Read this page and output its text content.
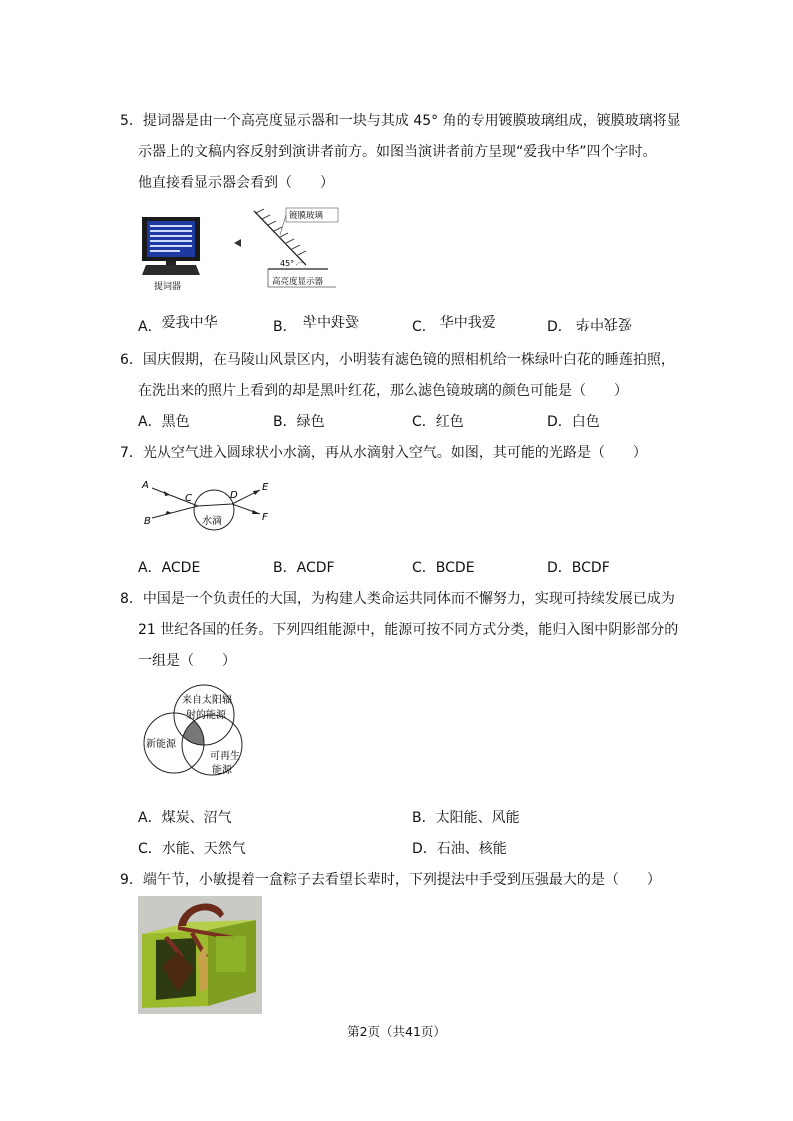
5．提词器是由一个高亮度显示器和一块与其成 45° 角的专用镀膜玻璃组成，镀膜玻璃将显
示器上的文稿内容反射到演讲者前方。如图当演讲者前方呈现“爱我中华”四个字时。
他直接看显示器会看到（　　）
提词器
镀膜玻璃
45°
高亮度显示器
A．爱我中华	B． 爱我中华	C． 华中我爱	D． 爱我中华
6．国庆假期，在马陵山风景区内，小明装有滤色镜的照相机给一株绿叶白花的睡莲拍照，
在洗出来的照片上看到的却是黑叶红花，那么滤色镜玻璃的颜色可能是（　　）
A．黑色	B．绿色	C．红色	D．白色
7．光从空气进入圆球状小水滴，再从水滴射入空气。如图，其可能的光路是（　　）
A
B
C	D
E
F
水滴
A．ACDE	B．ACDF	C．BCDE	D．BCDF
8．中国是一个负责任的大国，为构建人类命运共同体而不懈努力，实现可持续发展已成为
21 世纪各国的任务。下列四组能源中，能源可按不同方式分类，能归入图中阴影部分的
一组是（　　）
来自太阳辐
射的能源
新能源
可再生
能源
A．煤炭、沼气	B．太阳能、风能
C．水能、天然气	D．石油、核能
9．端午节，小敏提着一盒粽子去看望长辈时，下列提法中手受到压强最大的是（　　）
第2页（共41页）
